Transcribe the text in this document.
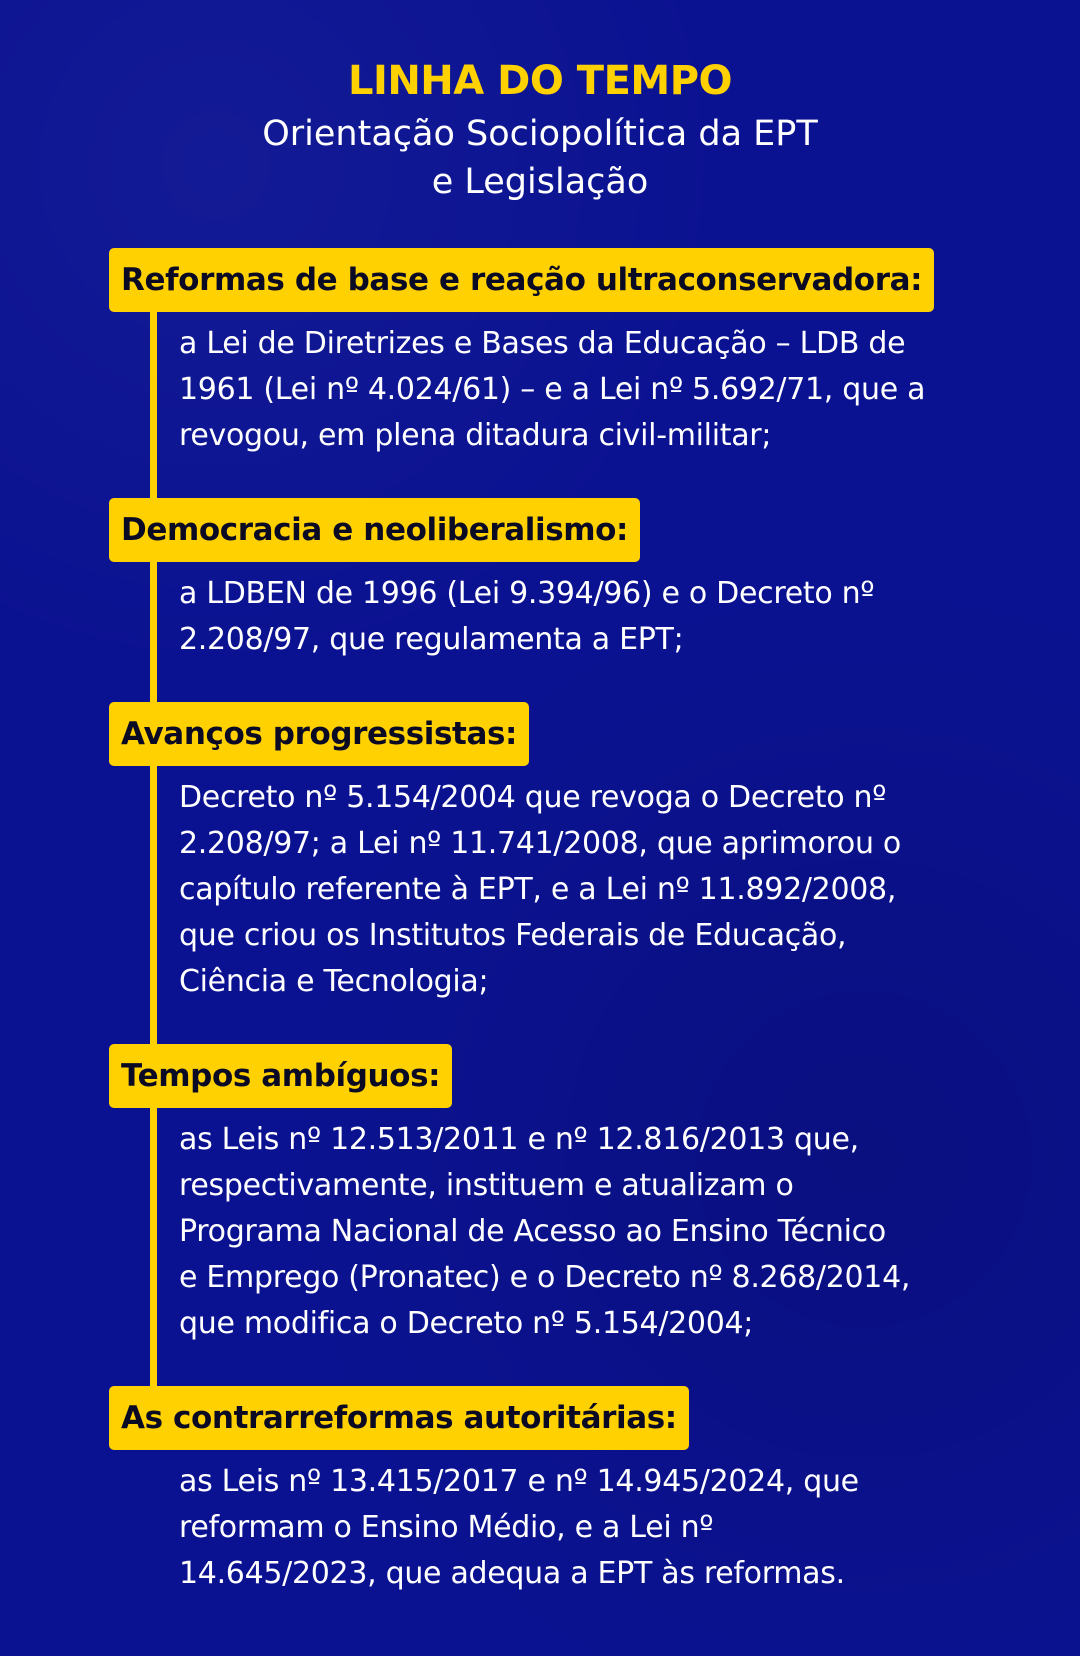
LINHA DO TEMPO
Orientação Sociopolítica da EPT
e Legislação
Reformas de base e reação ultraconservadora:
a Lei de Diretrizes e Bases da Educação – LDB de
1961 (Lei nº 4.024/61) – e a Lei nº 5.692/71, que a
revogou, em plena ditadura civil-militar;
Democracia e neoliberalismo:
a LDBEN de 1996 (Lei 9.394/96) e o Decreto nº
2.208/97, que regulamenta a EPT;
Avanços progressistas:
Decreto nº 5.154/2004 que revoga o Decreto nº
2.208/97; a Lei nº 11.741/2008, que aprimorou o
capítulo referente à EPT, e a Lei nº 11.892/2008,
que criou os Institutos Federais de Educação,
Ciência e Tecnologia;
Tempos ambíguos:
as Leis nº 12.513/2011 e nº 12.816/2013 que,
respectivamente, instituem e atualizam o
Programa Nacional de Acesso ao Ensino Técnico
e Emprego (Pronatec) e o Decreto nº 8.268/2014,
que modifica o Decreto nº 5.154/2004;
As contrarreformas autoritárias:
as Leis nº 13.415/2017 e nº 14.945/2024, que
reformam o Ensino Médio, e a Lei nº
14.645/2023, que adequa a EPT às reformas.
